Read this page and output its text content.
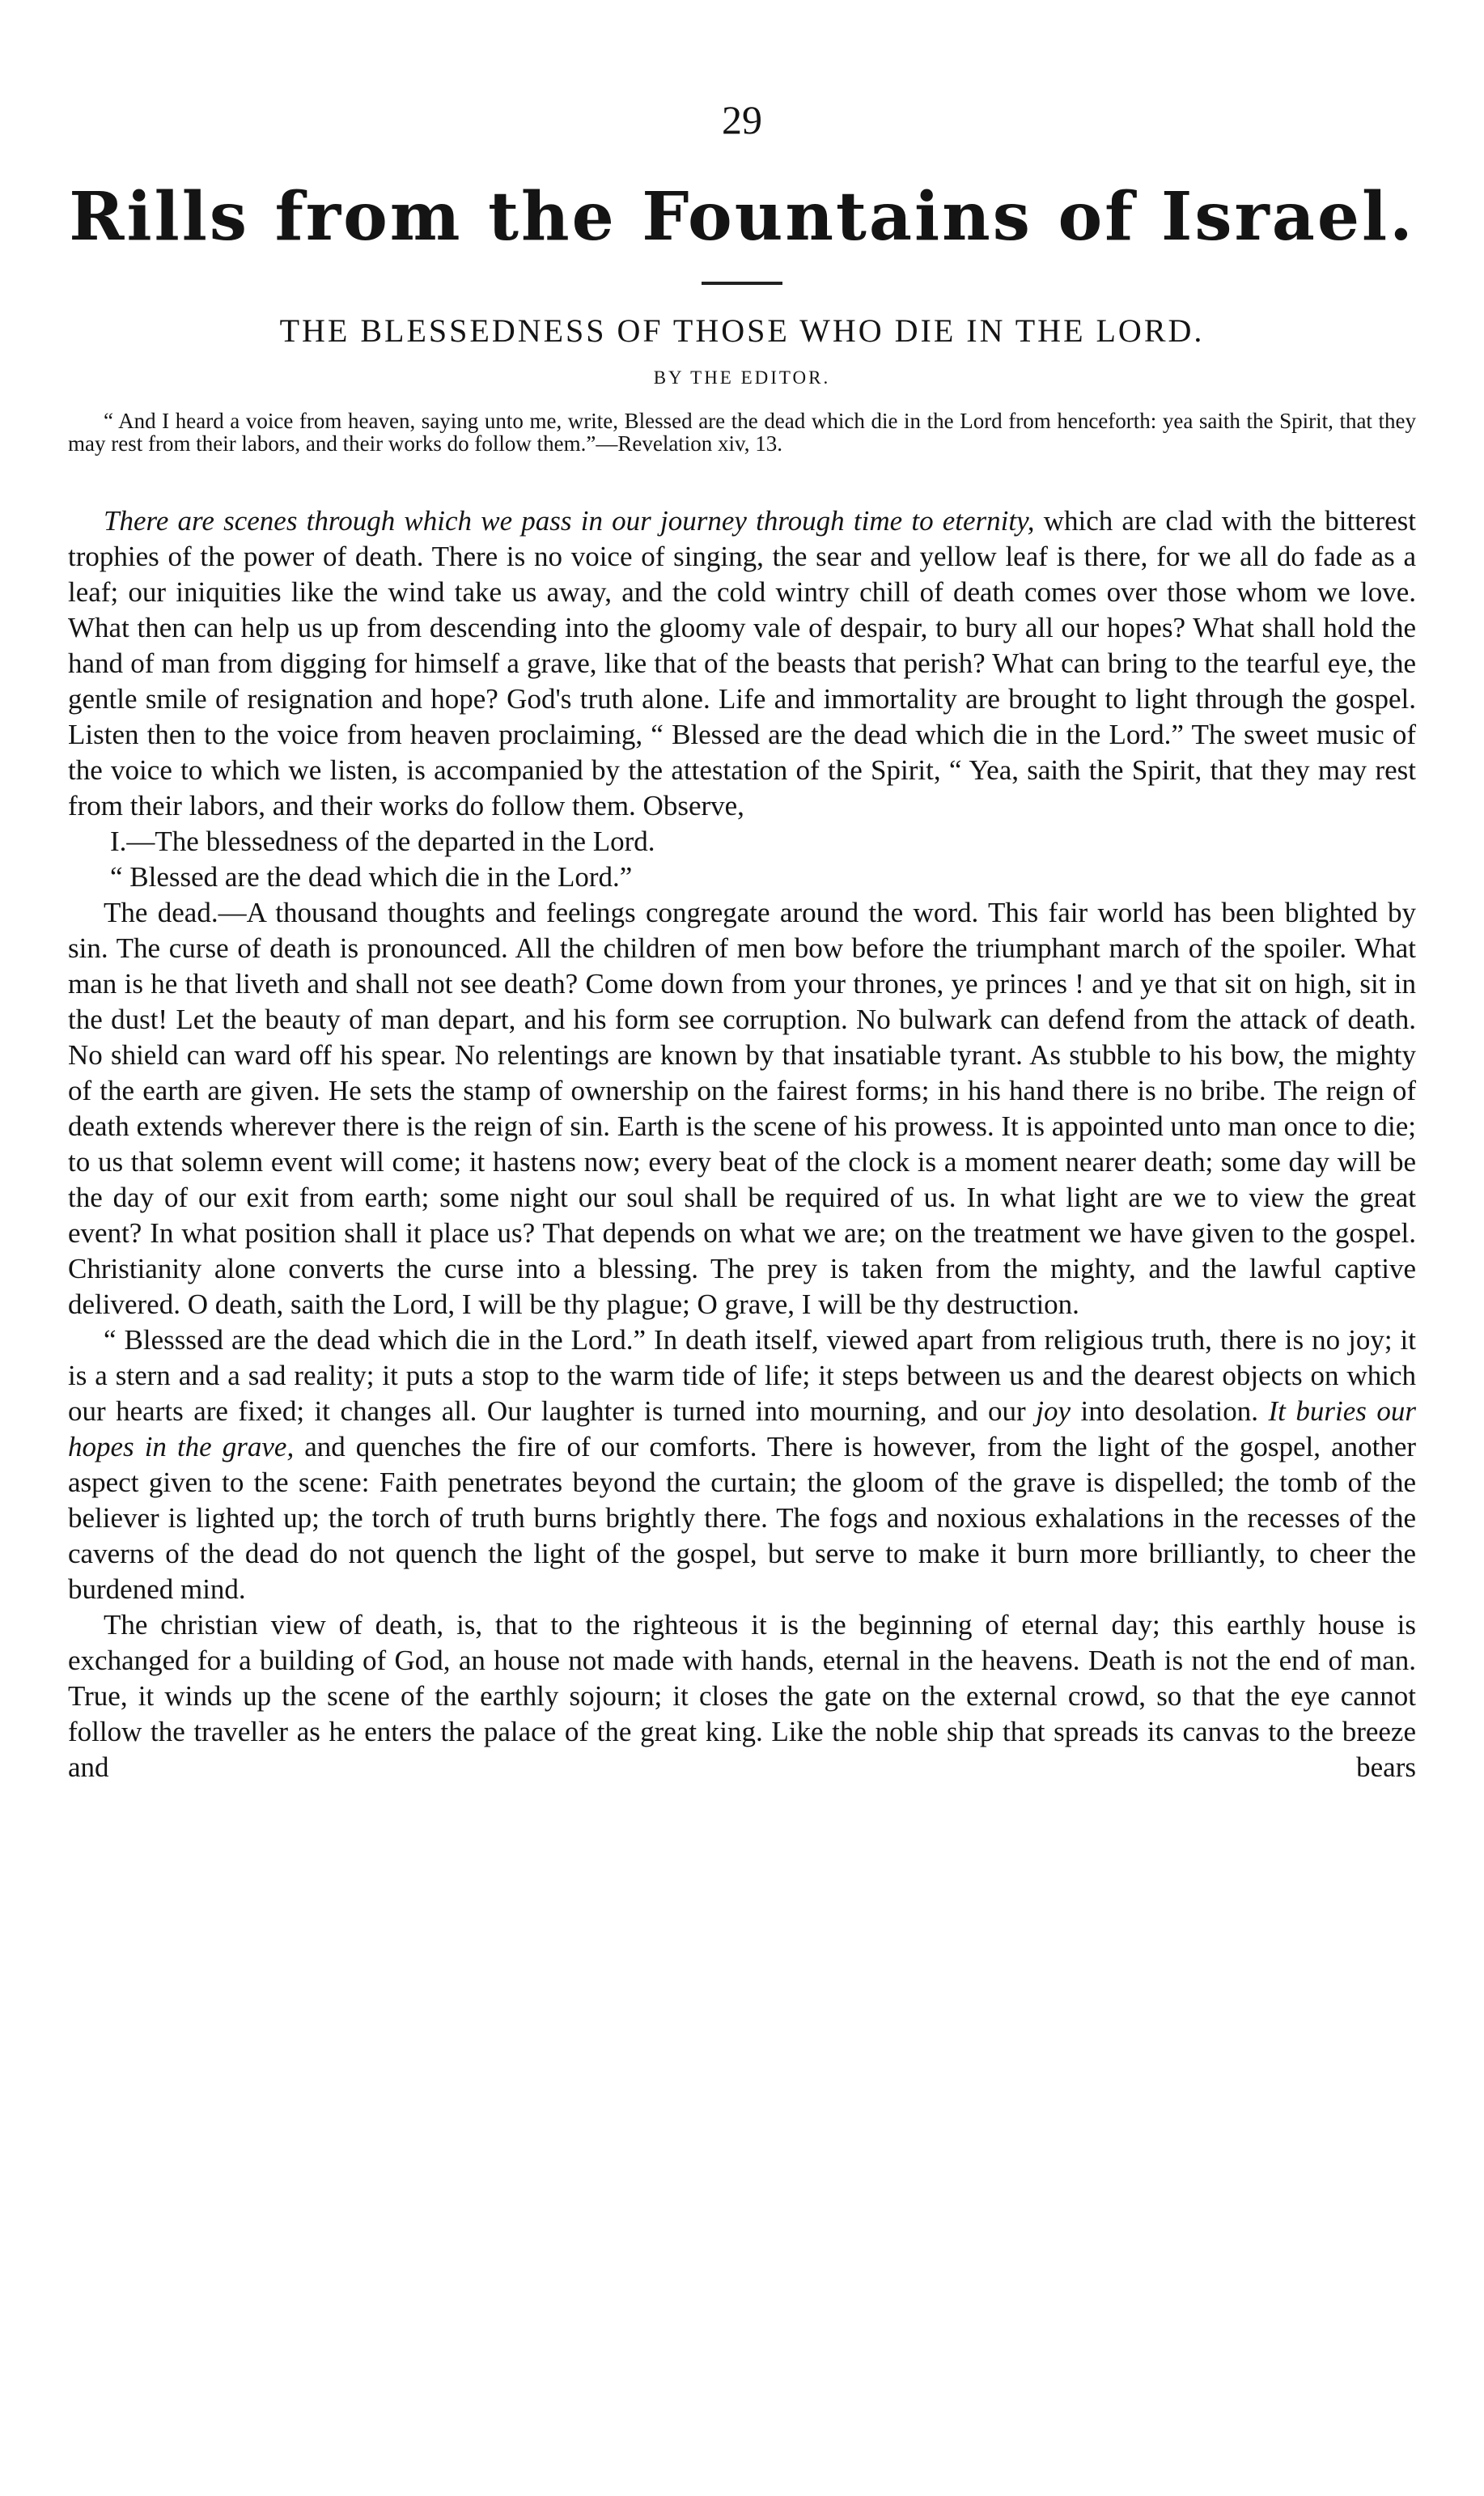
29
Rills from the Fountains of Israel.
THE BLESSEDNESS OF THOSE WHO DIE IN THE LORD.
BY THE EDITOR.

“ And I heard a voice from heaven, saying unto me, write, Blessed are the dead which die in the Lord from henceforth: yea saith the Spirit, that they may rest from their labors, and their works do follow them.”—Revelation xiv, 13.

There are scenes through which we pass in our journey through time to eternity, which are clad with the bitterest trophies of the power of death. There is no voice of singing, the sear and yellow leaf is there, for we all do fade as a leaf; our iniquities like the wind take us away, and the cold wintry chill of death comes over those whom we love. What then can help us up from descending into the gloomy vale of despair, to bury all our hopes? What shall hold the hand of man from digging for himself a grave, like that of the beasts that perish? What can bring to the tearful eye, the gentle smile of resignation and hope? God's truth alone. Life and immortality are brought to light through the gospel. Listen then to the voice from heaven proclaiming, “ Blessed are the dead which die in the Lord.” The sweet music of the voice to which we listen, is accompanied by the attestation of the Spirit, “ Yea, saith the Spirit, that they may rest from their labors, and their works do follow them. Observe,

I.—The blessedness of the departed in the Lord.

“ Blessed are the dead which die in the Lord.”

The dead.—A thousand thoughts and feelings congregate around the word. This fair world has been blighted by sin. The curse of death is pronounced. All the children of men bow before the triumphant march of the spoiler. What man is he that liveth and shall not see death? Come down from your thrones, ye princes ! and ye that sit on high, sit in the dust! Let the beauty of man depart, and his form see corruption. No bulwark can defend from the attack of death. No shield can ward off his spear. No relentings are known by that insatiable tyrant. As stubble to his bow, the mighty of the earth are given. He sets the stamp of ownership on the fairest forms; in his hand there is no bribe. The reign of death extends wherever there is the reign of sin. Earth is the scene of his prowess. It is appointed unto man once to die; to us that solemn event will come; it hastens now; every beat of the clock is a moment nearer death; some day will be the day of our exit from earth; some night our soul shall be required of us. In what light are we to view the great event? In what position shall it place us? That depends on what we are; on the treatment we have given to the gospel. Christianity alone converts the curse into a blessing. The prey is taken from the mighty, and the lawful captive delivered. O death, saith the Lord, I will be thy plague; O grave, I will be thy destruction.

“ Blesssed are the dead which die in the Lord.” In death itself, viewed apart from religious truth, there is no joy; it is a stern and a sad reality; it puts a stop to the warm tide of life; it steps between us and the dearest objects on which our hearts are fixed; it changes all. Our laughter is turned into mourning, and our joy into desolation. It buries our hopes in the grave, and quenches the fire of our comforts. There is however, from the light of the gospel, another aspect given to the scene: Faith penetrates beyond the curtain; the gloom of the grave is dispelled; the tomb of the believer is lighted up; the torch of truth burns brightly there. The fogs and noxious exhalations in the recesses of the caverns of the dead do not quench the light of the gospel, but serve to make it burn more brilliantly, to cheer the burdened mind.

The christian view of death, is, that to the righteous it is the beginning of eternal day; this earthly house is exchanged for a building of God, an house not made with hands, eternal in the heavens. Death is not the end of man. True, it winds up the scene of the earthly sojourn; it closes the gate on the external crowd, so that the eye cannot follow the traveller as he enters the palace of the great king. Like the noble ship that spreads its canvas to the breeze and bears
